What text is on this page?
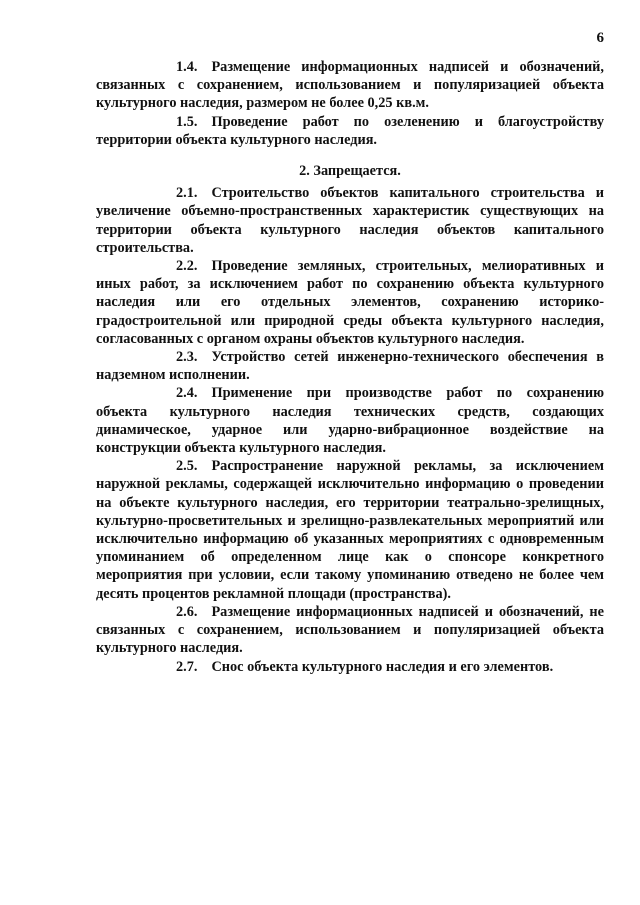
6

1.4. Размещение информационных надписей и обозначений, связанных с сохранением, использованием и популяризацией объекта культурного наследия, размером не более 0,25 кв.м.

1.5. Проведение работ по озеленению и благоустройству территории объекта культурного наследия.

2. Запрещается.

2.1. Строительство объектов капитального строительства и увеличение объемно-пространственных характеристик существующих на территории объекта культурного наследия объектов капитального строительства.

2.2. Проведение земляных, строительных, мелиоративных и иных работ, за исключением работ по сохранению объекта культурного наследия или его отдельных элементов, сохранению историко-градостроительной или природной среды объекта культурного наследия, согласованных с органом охраны объектов культурного наследия.

2.3. Устройство сетей инженерно-технического обеспечения в надземном исполнении.

2.4. Применение при производстве работ по сохранению объекта культурного наследия технических средств, создающих динамическое, ударное или ударно-вибрационное воздействие на конструкции объекта культурного наследия.

2.5. Распространение наружной рекламы, за исключением наружной рекламы, содержащей исключительно информацию о проведении на объекте культурного наследия, его территории театрально-зрелищных, культурно-просветительных и зрелищно-развлекательных мероприятий или исключительно информацию об указанных мероприятиях с одновременным упоминанием об определенном лице как о спонсоре конкретного мероприятия при условии, если такому упоминанию отведено не более чем десять процентов рекламной площади (пространства).

2.6. Размещение информационных надписей и обозначений, не связанных с сохранением, использованием и популяризацией объекта культурного наследия.

2.7. Снос объекта культурного наследия и его элементов.
